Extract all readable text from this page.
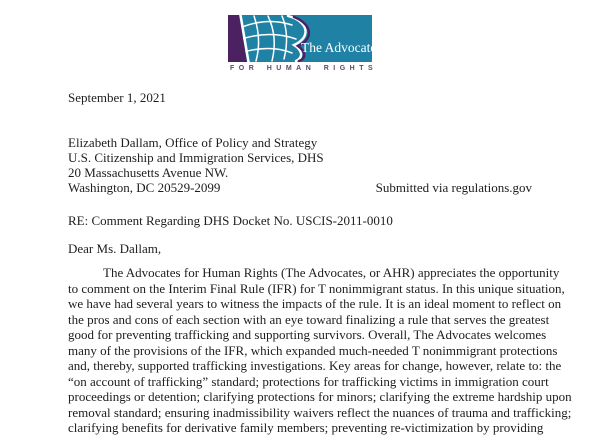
The Advocates
FOR HUMAN RIGHTS
September 1, 2021
Elizabeth Dallam, Office of Policy and Strategy
U.S. Citizenship and Immigration Services, DHS
20 Massachusetts Avenue NW.
Washington, DC 20529-2099	Submitted via regulations.gov
RE: Comment Regarding DHS Docket No. USCIS-2011-0010
Dear Ms. Dallam,
The Advocates for Human Rights (The Advocates, or AHR) appreciates the opportunity
to comment on the Interim Final Rule (IFR) for T nonimmigrant status. In this unique situation,
we have had several years to witness the impacts of the rule. It is an ideal moment to reflect on
the pros and cons of each section with an eye toward finalizing a rule that serves the greatest
good for preventing trafficking and supporting survivors. Overall, The Advocates welcomes
many of the provisions of the IFR, which expanded much-needed T nonimmigrant protections
and, thereby, supported trafficking investigations. Key areas for change, however, relate to: the
“on account of trafficking” standard; protections for trafficking victims in immigration court
proceedings or detention; clarifying protections for minors; clarifying the extreme hardship upon
removal standard; ensuring inadmissibility waivers reflect the nuances of trauma and trafficking;
clarifying benefits for derivative family members; preventing re-victimization by providing
